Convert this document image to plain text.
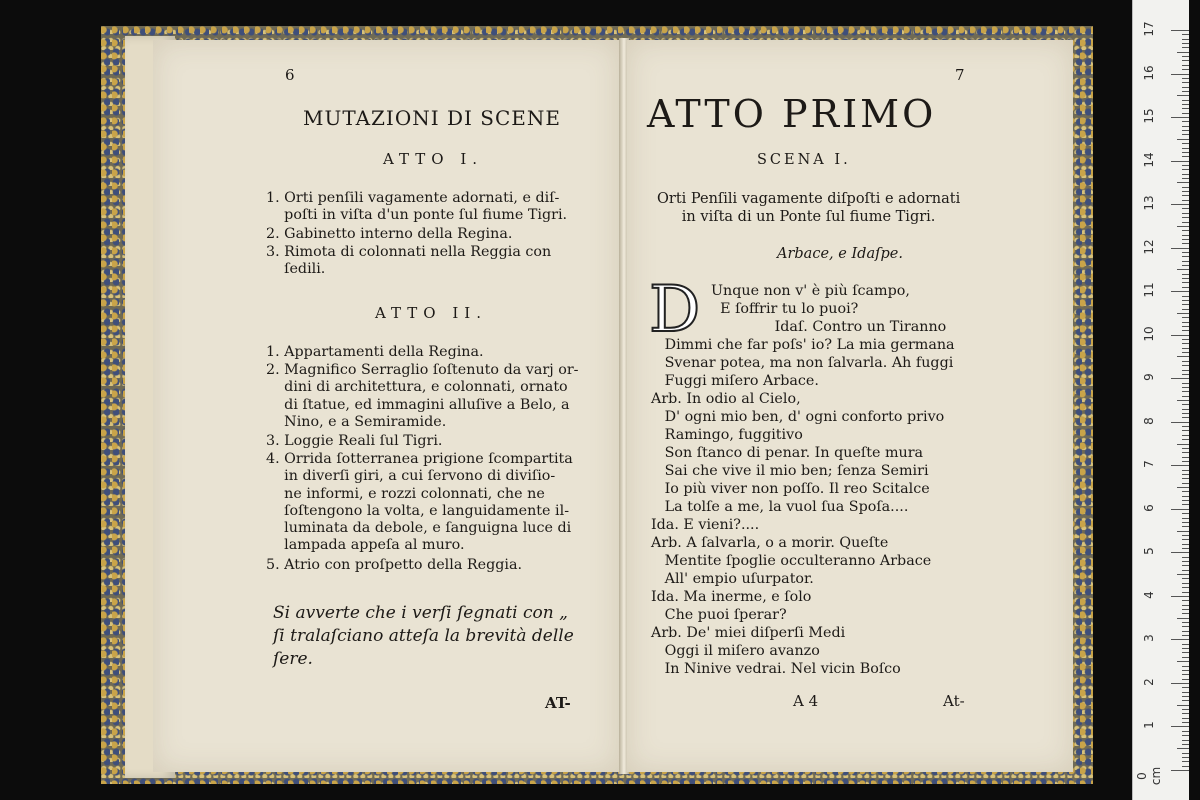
6
MUTAZIONI DI SCENE
ATTO I.
1. Orti penſili vagamente adornati, e diſ-
poſti in viſta d'un ponte ſul fiume Tigri.
2. Gabinetto interno della Regina.
3. Rimota di colonnati nella Reggia con
ſedili.
ATTO II.
1. Appartamenti della Regina.
2. Magnifico Serraglio ſoſtenuto da varj or-
dini di architettura, e colonnati, ornato
di ſtatue, ed immagini alluſive a Belo, a
Nino, e a Semiramide.
3. Loggie Reali ſul Tigri.
4. Orrida ſotterranea prigione ſcompartita
in diverſi giri, a cui ſervono di diviſio-
ne informi, e rozzi colonnati, che ne
ſoſtengono la volta, e languidamente il-
luminata da debole, e ſanguigna luce di
lampada appeſa al muro.
5. Atrio con proſpetto della Reggia.
Si avverte che i verſi ſegnati con „
ſi tralaſciano atteſa la brevità delle
ſere.
AT-
7
ATTO PRIMO
SCENA I.
Orti Penſili vagamente diſpoſti e adornati
in viſta di un Ponte ſul fiume Tigri.
Arbace, e Idaſpe.
D Unque non v' è più ſcampo,
E ſoffrir tu lo puoi?
Idaſ. Contro un Tiranno
Dimmi che far poſs' io? La mia germana
Svenar potea, ma non ſalvarla. Ah fuggi
Fuggi miſero Arbace.
Arb. In odio al Cielo,
D' ogni mio ben, d' ogni conforto privo
Ramingo, fuggitivo
Son ſtanco di penar. In queſte mura
Sai che vive il mio ben; ſenza Semiri
Io più viver non poſſo. Il reo Scitalce
La tolſe a me, la vuol ſua Spoſa....
Ida. E vieni?....
Arb. A ſalvarla, o a morir. Queſte
Mentite ſpoglie occulteranno Arbace
All' empio uſurpator.
Ida. Ma inerme, e ſolo
Che puoi ſperar?
Arb. De' miei diſperſi Medi
Oggi il miſero avanzo
In Ninive vedrai. Nel vicin Boſco
A 4	At-
17
16
15
14
13
12
11
10
9
8
7
6
5
4
3
2
1
0 cm
